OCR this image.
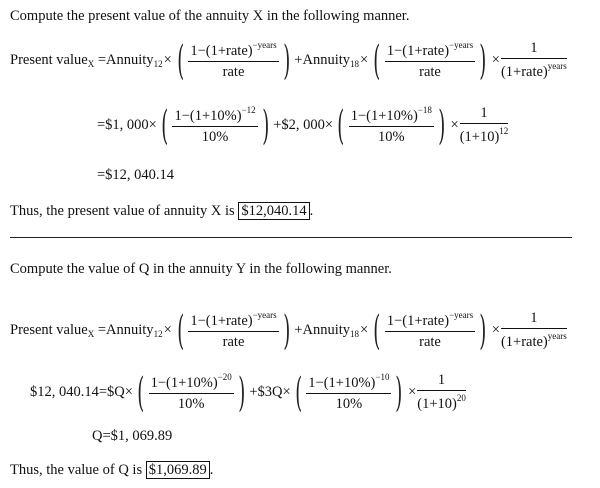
Compute the present value of the annuity X in the following manner.
Present value$_X$ = Annuity$_{12}$ × ( $\frac{1-(1+rate)^{-years}}{\text{rate}}$ ) + Annuity$_{18}$ × ( $\frac{1-(1+rate)^{-years}}{\text{rate}}$ ) × $\frac{1}{(1+rate)^{years}}$
=$1, 000× ( $\frac{1-(1+10\%)^{-12}}{10\%}$ ) +$2, 000× ( $\frac{1-(1+10\%)^{-18}}{10\%}$ ) × $\frac{1}{(1+10)^{12}}$
=$12, 040.14
Thus, the present value of annuity X is $12,040.14 .
Compute the value of Q in the annuity Y in the following manner.
Present value$_X$ = Annuity$_{12}$ × ( $\frac{1-(1+rate)^{-years}}{\text{rate}}$ ) + Annuity$_{18}$ × ( $\frac{1-(1+rate)^{-years}}{\text{rate}}$ ) × $\frac{1}{(1+rate)^{years}}$
$12, 040.14=$Q× ( $\frac{1-(1+10\%)^{-20}}{10\%}$ ) +$3Q× ( $\frac{1-(1+10\%)^{-10}}{10\%}$ ) × $\frac{1}{(1+10)^{20}}$
Q=$1, 069.89
Thus, the value of Q is $1,069.89 .
